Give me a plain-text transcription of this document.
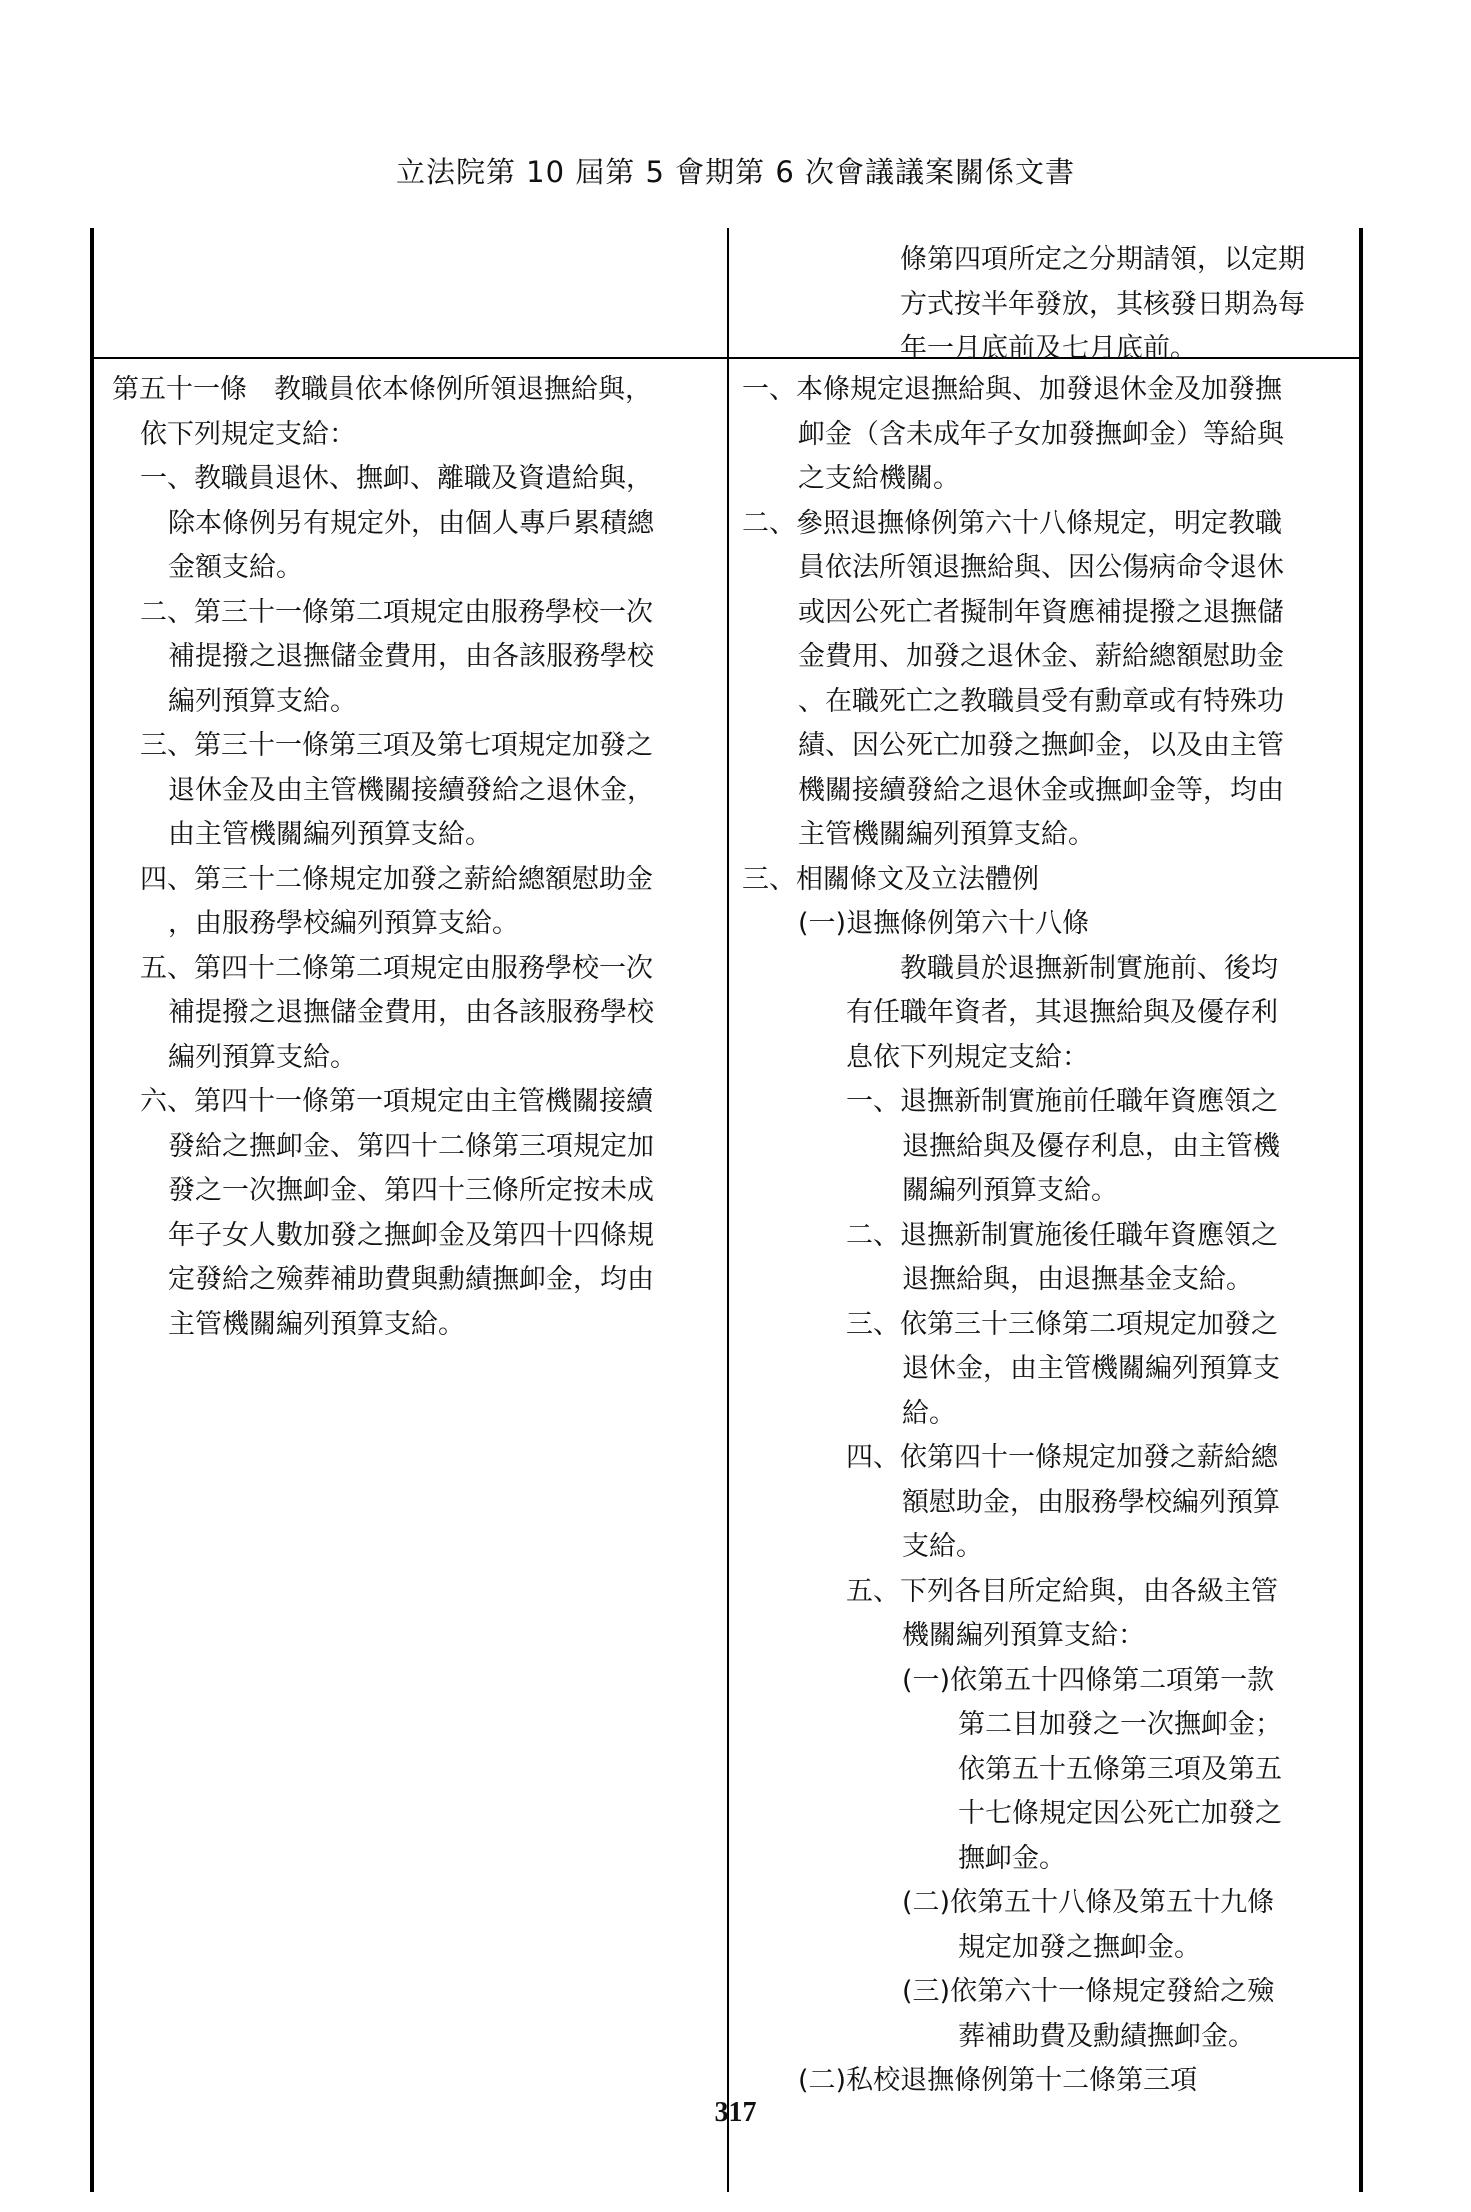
立法院第 10 屆第 5 會期第 6 次會議議案關係文書
條第四項所定之分期請領，以定期
方式按半年發放，其核發日期為每
年一月底前及七月底前。
第五十一條　教職員依本條例所領退撫給與，
依下列規定支給：
一、教職員退休、撫卹、離職及資遣給與，
除本條例另有規定外，由個人專戶累積總
金額支給。
二、第三十一條第二項規定由服務學校一次
補提撥之退撫儲金費用，由各該服務學校
編列預算支給。
三、第三十一條第三項及第七項規定加發之
退休金及由主管機關接續發給之退休金，
由主管機關編列預算支給。
四、第三十二條規定加發之薪給總額慰助金
，由服務學校編列預算支給。
五、第四十二條第二項規定由服務學校一次
補提撥之退撫儲金費用，由各該服務學校
編列預算支給。
六、第四十一條第一項規定由主管機關接續
發給之撫卹金、第四十二條第三項規定加
發之一次撫卹金、第四十三條所定按未成
年子女人數加發之撫卹金及第四十四條規
定發給之殮葬補助費與勳績撫卹金，均由
主管機關編列預算支給。
一、本條規定退撫給與、加發退休金及加發撫
卹金（含未成年子女加發撫卹金）等給與
之支給機關。
二、參照退撫條例第六十八條規定，明定教職
員依法所領退撫給與、因公傷病命令退休
或因公死亡者擬制年資應補提撥之退撫儲
金費用、加發之退休金、薪給總額慰助金
、在職死亡之教職員受有勳章或有特殊功
績、因公死亡加發之撫卹金，以及由主管
機關接續發給之退休金或撫卹金等，均由
主管機關編列預算支給。
三、相關條文及立法體例
(一)退撫條例第六十八條
教職員於退撫新制實施前、後均
有任職年資者，其退撫給與及優存利
息依下列規定支給：
一、退撫新制實施前任職年資應領之
退撫給與及優存利息，由主管機
關編列預算支給。
二、退撫新制實施後任職年資應領之
退撫給與，由退撫基金支給。
三、依第三十三條第二項規定加發之
退休金，由主管機關編列預算支
給。
四、依第四十一條規定加發之薪給總
額慰助金，由服務學校編列預算
支給。
五、下列各目所定給與，由各級主管
機關編列預算支給：
(一)依第五十四條第二項第一款
第二目加發之一次撫卹金；
依第五十五條第三項及第五
十七條規定因公死亡加發之
撫卹金。
(二)依第五十八條及第五十九條
規定加發之撫卹金。
(三)依第六十一條規定發給之殮
葬補助費及勳績撫卹金。
(二)私校退撫條例第十二條第三項
317
